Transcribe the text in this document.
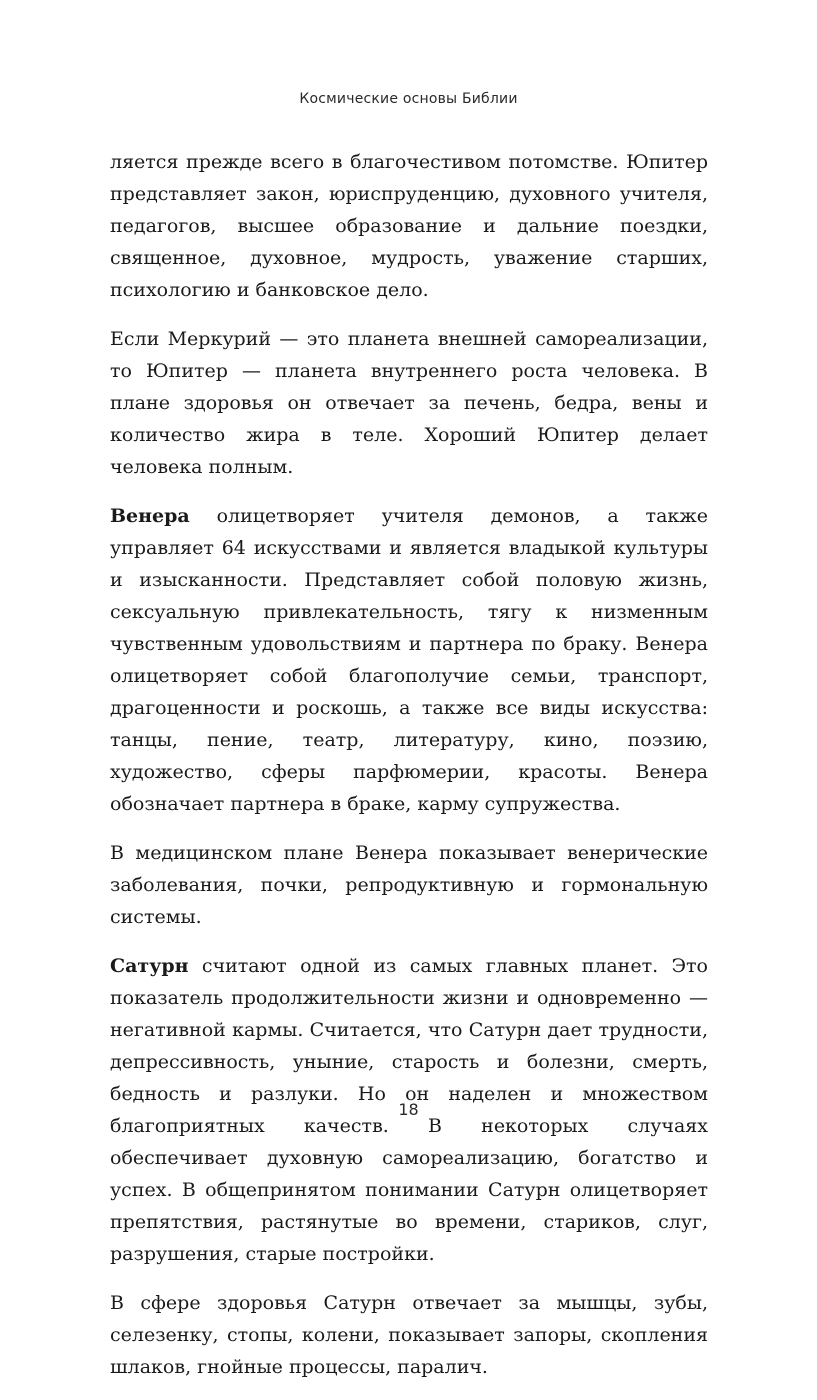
Космические основы Библии

ляется прежде всего в благочестивом потомстве. Юпитер представляет закон, юриспруденцию, духовного учителя, педагогов, высшее образование и дальние поездки, священное, духовное, мудрость, уважение старших, психологию и банковское дело.

Если Меркурий — это планета внешней самореализации, то Юпитер — планета внутреннего роста человека. В плане здоровья он отвечает за печень, бедра, вены и количество жира в теле. Хороший Юпитер делает человека полным.

Венера олицетворяет учителя демонов, а также управляет 64 искусствами и является владыкой культуры и изысканности. Представляет собой половую жизнь, сексуальную привлекательность, тягу к низменным чувственным удовольствиям и партнера по браку. Венера олицетворяет собой благополучие семьи, транспорт, драгоценности и роскошь, а также все виды искусства: танцы, пение, театр, литературу, кино, поэзию, художество, сферы парфюмерии, красоты. Венера обозначает партнера в браке, карму супружества.

В медицинском плане Венера показывает венерические заболевания, почки, репродуктивную и гормональную системы.

Сатурн считают одной из самых главных планет. Это показатель продолжительности жизни и одновременно — негативной кармы. Считается, что Сатурн дает трудности, депрессивность, уныние, старость и болезни, смерть, бедность и разлуки. Но он наделен и множеством благоприятных качеств. В некоторых случаях обеспечивает духовную самореализацию, богатство и успех. В общепринятом понимании Сатурн олицетворяет препятствия, растянутые во времени, стариков, слуг, разрушения, старые постройки.

В сфере здоровья Сатурн отвечает за мышцы, зубы, селезенку, стопы, колени, показывает запоры, скопления шлаков, гнойные процессы, паралич.

18
